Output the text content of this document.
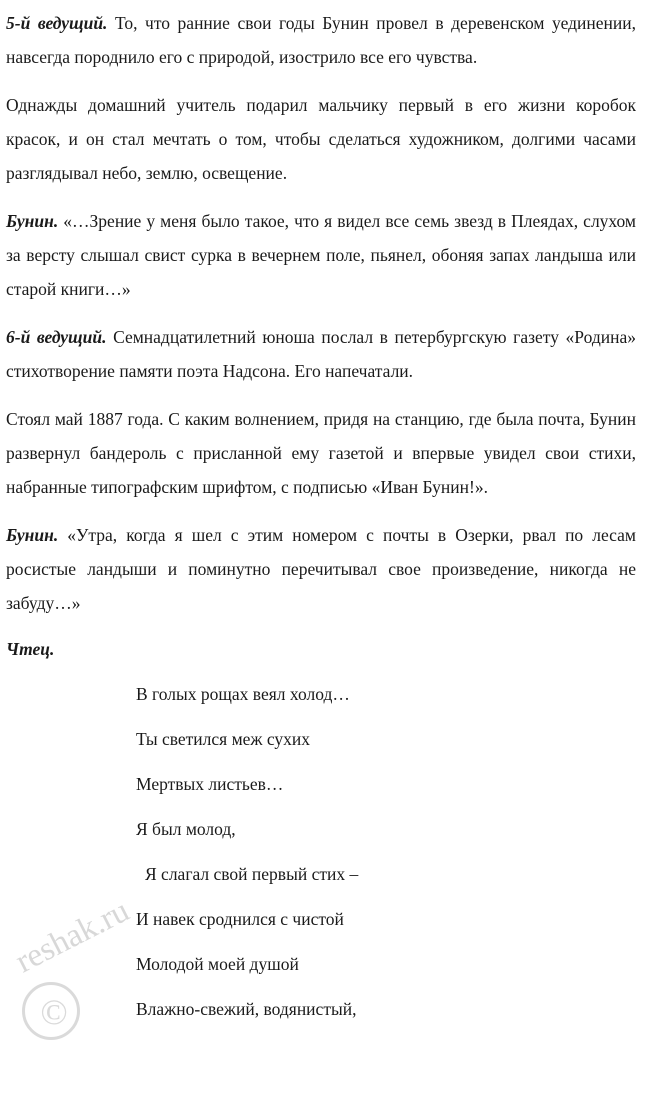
5-й ведущий. То, что ранние свои годы Бунин провел в деревенском уединении, навсегда породнило его с природой, изострило все его чувства.

Однажды домашний учитель подарил мальчику первый в его жизни коробок красок, и он стал мечтать о том, чтобы сделаться художником, долгими часами разглядывал небо, землю, освещение.

Бунин. «…Зрение у меня было такое, что я видел все семь звезд в Плеядах, слухом за версту слышал свист сурка в вечернем поле, пьянел, обоняя запах ландыша или старой книги…»

6-й ведущий. Семнадцатилетний юноша послал в петербургскую газету «Родина» стихотворение памяти поэта Надсона. Его напечатали.

Стоял май 1887 года. С каким волнением, придя на станцию, где была почта, Бунин развернул бандероль с присланной ему газетой и впервые увидел свои стихи, набранные типографским шрифтом, с подписью «Иван Бунин!».

Бунин. «Утра, когда я шел с этим номером с почты в Озерки, рвал по лесам росистые ландыши и поминутно перечитывал свое произведение, никогда не забуду…»

Чтец.

В голых рощах веял холод…
Ты светился меж сухих
Мертвых листьев…
Я был молод,
Я слагал свой первый стих –
И навек сроднился с чистой
Молодой моей душой
Влажно-свежий, водянистый,
reshak.ru
©
